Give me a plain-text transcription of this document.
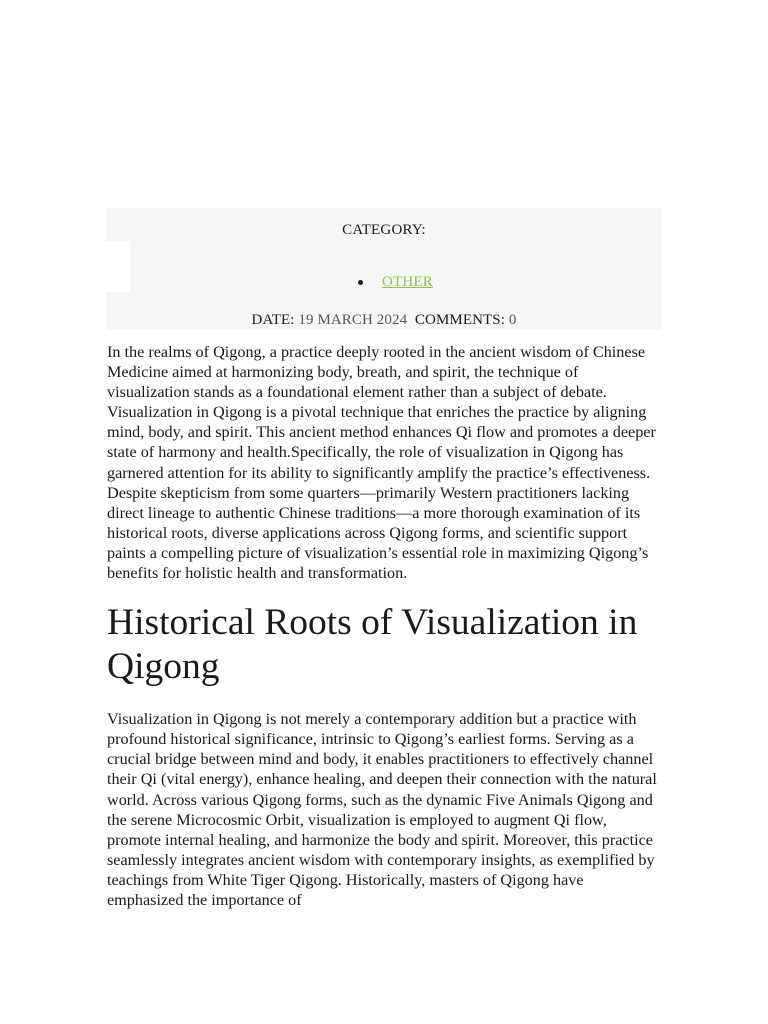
CATEGORY:
OTHER
DATE: 19 MARCH 2024 COMMENTS: 0

In the realms of Qigong, a practice deeply rooted in the ancient wisdom of Chinese Medicine aimed at harmonizing body, breath, and spirit, the technique of visualization stands as a foundational element rather than a subject of debate. Visualization in Qigong is a pivotal technique that enriches the practice by aligning mind, body, and spirit. This ancient method enhances Qi flow and promotes a deeper state of harmony and health.Specifically, the role of visualization in Qigong has garnered attention for its ability to significantly amplify the practice’s effectiveness. Despite skepticism from some quarters—primarily Western practitioners lacking direct lineage to authentic Chinese traditions—a more thorough examination of its historical roots, diverse applications across Qigong forms, and scientific support paints a compelling picture of visualization’s essential role in maximizing Qigong’s benefits for holistic health and transformation.

Historical Roots of Visualization in Qigong

Visualization in Qigong is not merely a contemporary addition but a practice with profound historical significance, intrinsic to Qigong’s earliest forms. Serving as a crucial bridge between mind and body, it enables practitioners to effectively channel their Qi (vital energy), enhance healing, and deepen their connection with the natural world. Across various Qigong forms, such as the dynamic Five Animals Qigong and the serene Microcosmic Orbit, visualization is employed to augment Qi flow, promote internal healing, and harmonize the body and spirit. Moreover, this practice seamlessly integrates ancient wisdom with contemporary insights, as exemplified by teachings from White Tiger Qigong. Historically, masters of Qigong have emphasized the importance of
